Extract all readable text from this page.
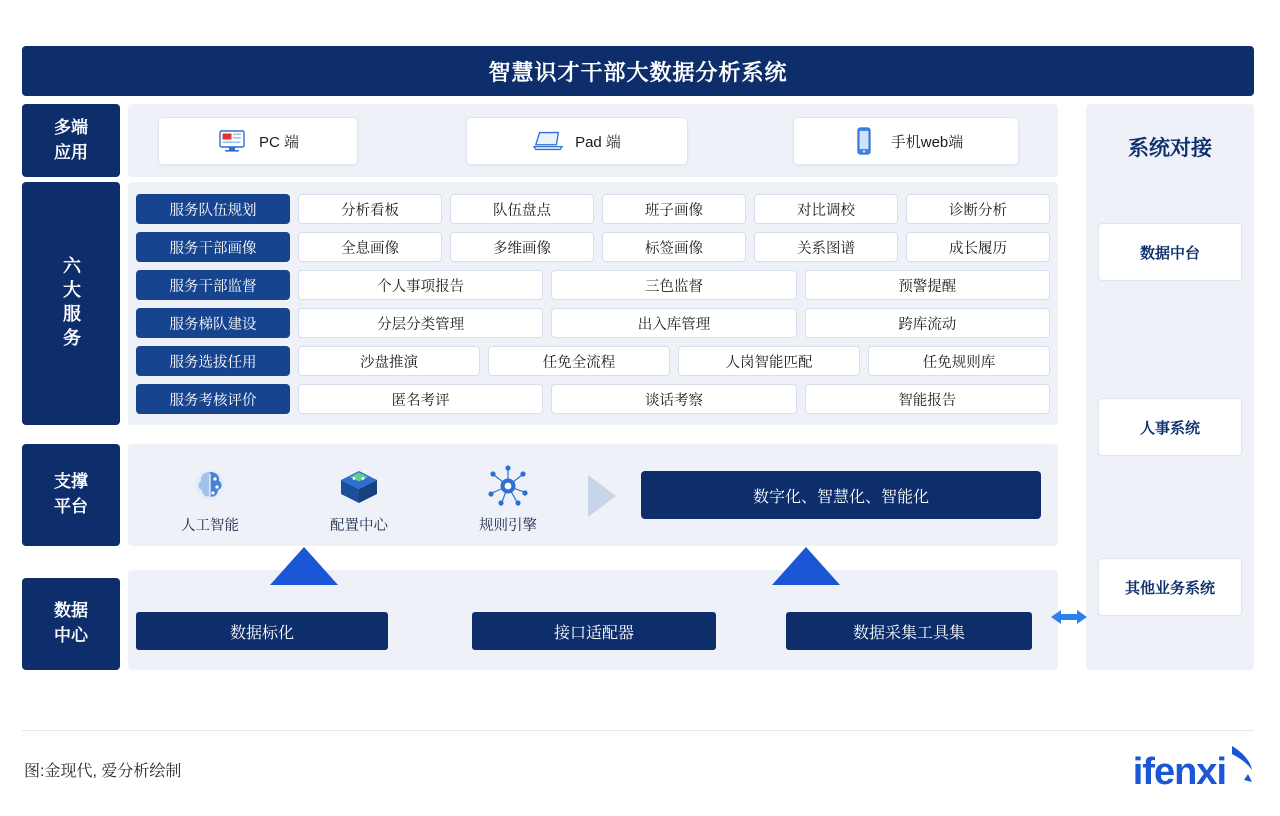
智慧识才干部大数据分析系统
多端
应用
六大服务
支撑
平台
数据
中心
PC 端	Pad 端	手机web端
服务队伍规划	分析看板	队伍盘点	班子画像	对比调校	诊断分析
服务干部画像	全息画像	多维画像	标签画像	关系图谱	成长履历
服务干部监督	个人事项报告	三色监督	预警提醒
服务梯队建设	分层分类管理	出入库管理	跨库流动
服务选拔任用	沙盘推演	任免全流程	人岗智能匹配	任免规则库
服务考核评价	匿名考评	谈话考察	智能报告
人工智能	配置中心	规则引擎
数字化、智慧化、智能化
数据标化	接口适配器	数据采集工具集
系统对接
数据中台
人事系统
其他业务系统
图:金现代, 爱分析绘制	ifenxi
